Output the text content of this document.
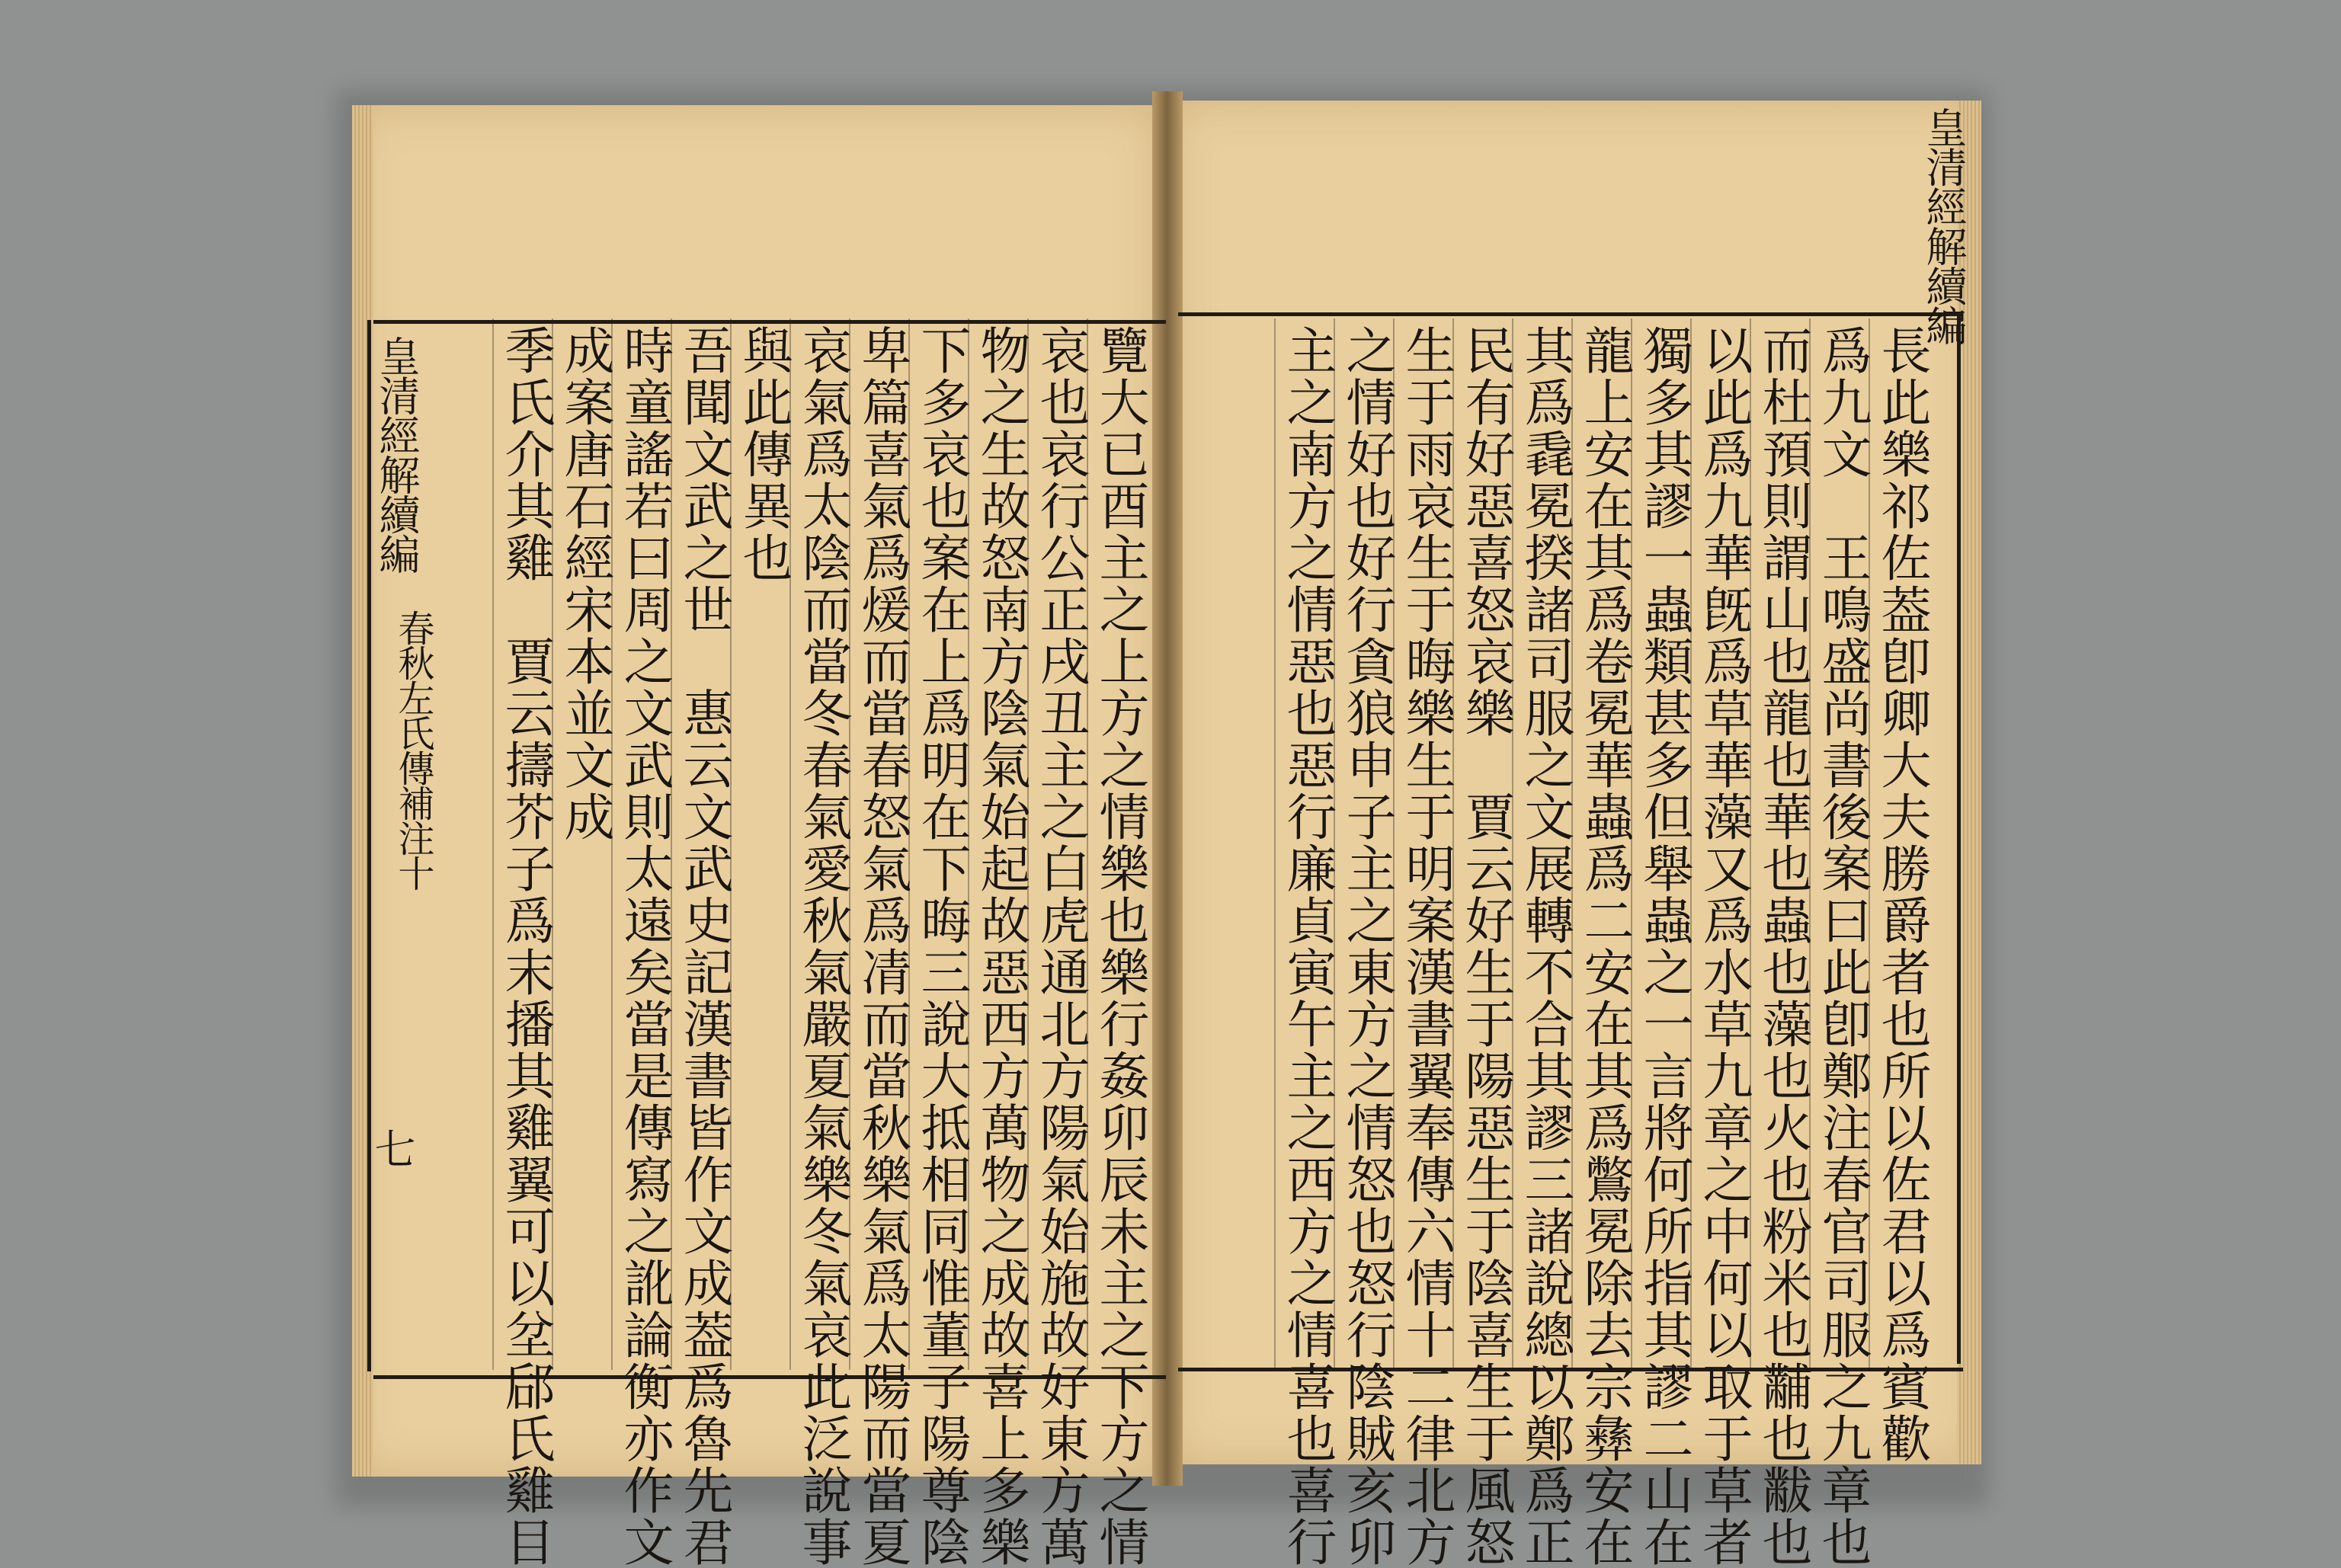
皇清經解續編
春秋左氏傳補注十
七
皇清經解續編
覽大已酉主之上方之情樂也樂行姦卯辰未主之下方之情
哀也哀行公正戌丑主之白虎通北方陽氣始施故好東方萬
物之生故怒南方陰氣始起故惡西方萬物之成故喜上多樂
下多哀也案在上爲明在下晦三說大抵相同惟董子陽尊陰
卑篇喜氣爲煖而當春怒氣爲凊而當秋樂氣爲太陽而當夏
哀氣爲太陰而當冬春氣愛秋氣嚴夏氣樂冬氣哀此泛說事
與此傳異也
吾聞文武之世　惠云文武史記漢書皆作文成葢爲魯先君
時童謠若曰周之文武則太遠矣當是傳寫之訛論衡亦作文
成案唐石經宋本並文成
季氏介其雞　賈云擣芥子爲末播其雞翼可以坌郈氏雞目	長此樂祁佐葢卽卿大夫勝爵者也所以佐君以爲賓歡
爲九文　王鳴盛尚書後案曰此卽鄭注春官司服之九章也
而杜預則謂山也龍也華也蟲也藻也火也粉米也黼也黻也
以此爲九華旣爲草華藻又爲水草九章之中何以取于草者
獨多其謬一蟲類甚多但舉蟲之一言將何所指其謬二山在
龍上安在其爲卷冕華蟲爲二安在其爲鷩冕除去宗彝安在
其爲毳冕揆諸司服之文展轉不合其謬三諸說總以鄭爲正
民有好惡喜怒哀樂　賈云好生于陽惡生于陰喜生于風怒
生于雨哀生于晦樂生于明案漢書翼奉傳六情十二律北方
之情好也好行貪狼申子主之東方之情怒也怒行陰賊亥卯
主之南方之情惡也惡行廉貞寅午主之西方之情喜也喜行
